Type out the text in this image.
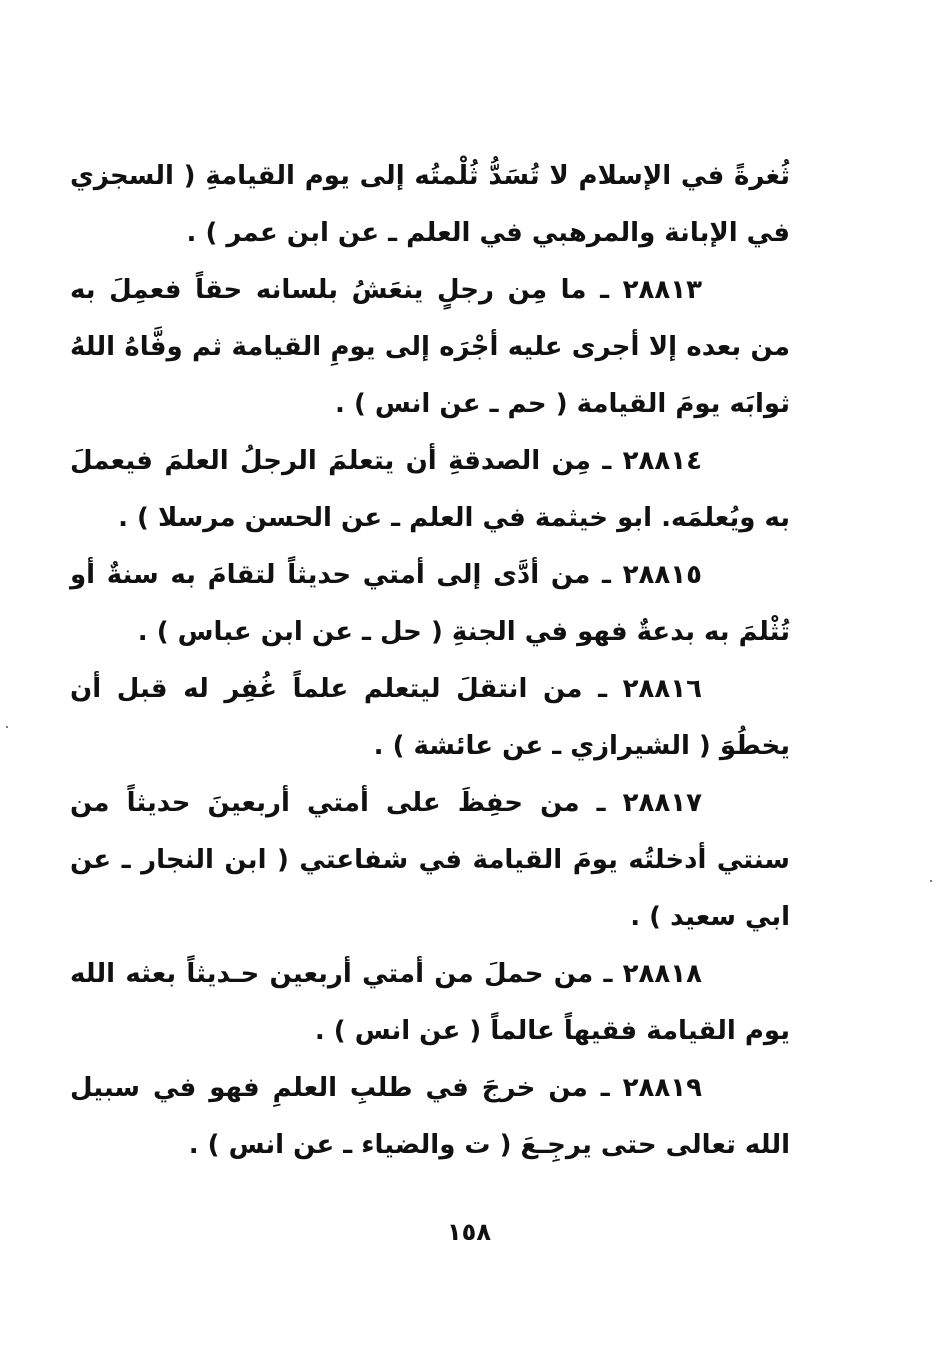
ثُغرةً في الإسلام لا تُسَدُّ ثُلْمتُه إلى يوم القيامةِ ( السجزي في الإبانة والمرهبي في العلم ـ عن ابن عمر ) .

٢٨٨١٣ ـ ما مِن رجلٍ ينعَشُ بلسانه حقاً فعمِلَ به من بعده إلا أجرى عليه أجْرَه إلى يومِ القيامة ثم وفَّاهُ اللهُ ثوابَه يومَ القيامة ( حم ـ عن انس ) .

٢٨٨١٤ ـ مِن الصدقةِ أن يتعلمَ الرجلُ العلمَ فيعملَ به ويُعلمَه. ابو خيثمة في العلم ـ عن الحسن مرسلا ) .

٢٨٨١٥ ـ من أدَّى إلى أمتي حديثاً لتقامَ به سنةٌ أو تُثْلمَ به بدعةٌ فهو في الجنةِ ( حل ـ عن ابن عباس ) .

٢٨٨١٦ ـ من انتقلَ ليتعلم علماً غُفِر له قبل أن يخطُوَ ( الشيرازي ـ عن عائشة ) .

٢٨٨١٧ ـ من حفِظَ على أمتي أربعينَ حديثاً من سنتي أدخلتُه يومَ القيامة في شفاعتي ( ابن النجار ـ عن ابي سعيد ) .

٢٨٨١٨ ـ من حملَ من أمتي أربعين حـديثاً بعثه الله يوم القيامة فقيهاً عالماً ( عن انس ) .

٢٨٨١٩ ـ من خرجَ في طلبِ العلمِ فهو في سبيل الله تعالى حتى يرجِـعَ ( ت والضياء ـ عن انس ) .

١٥٨
